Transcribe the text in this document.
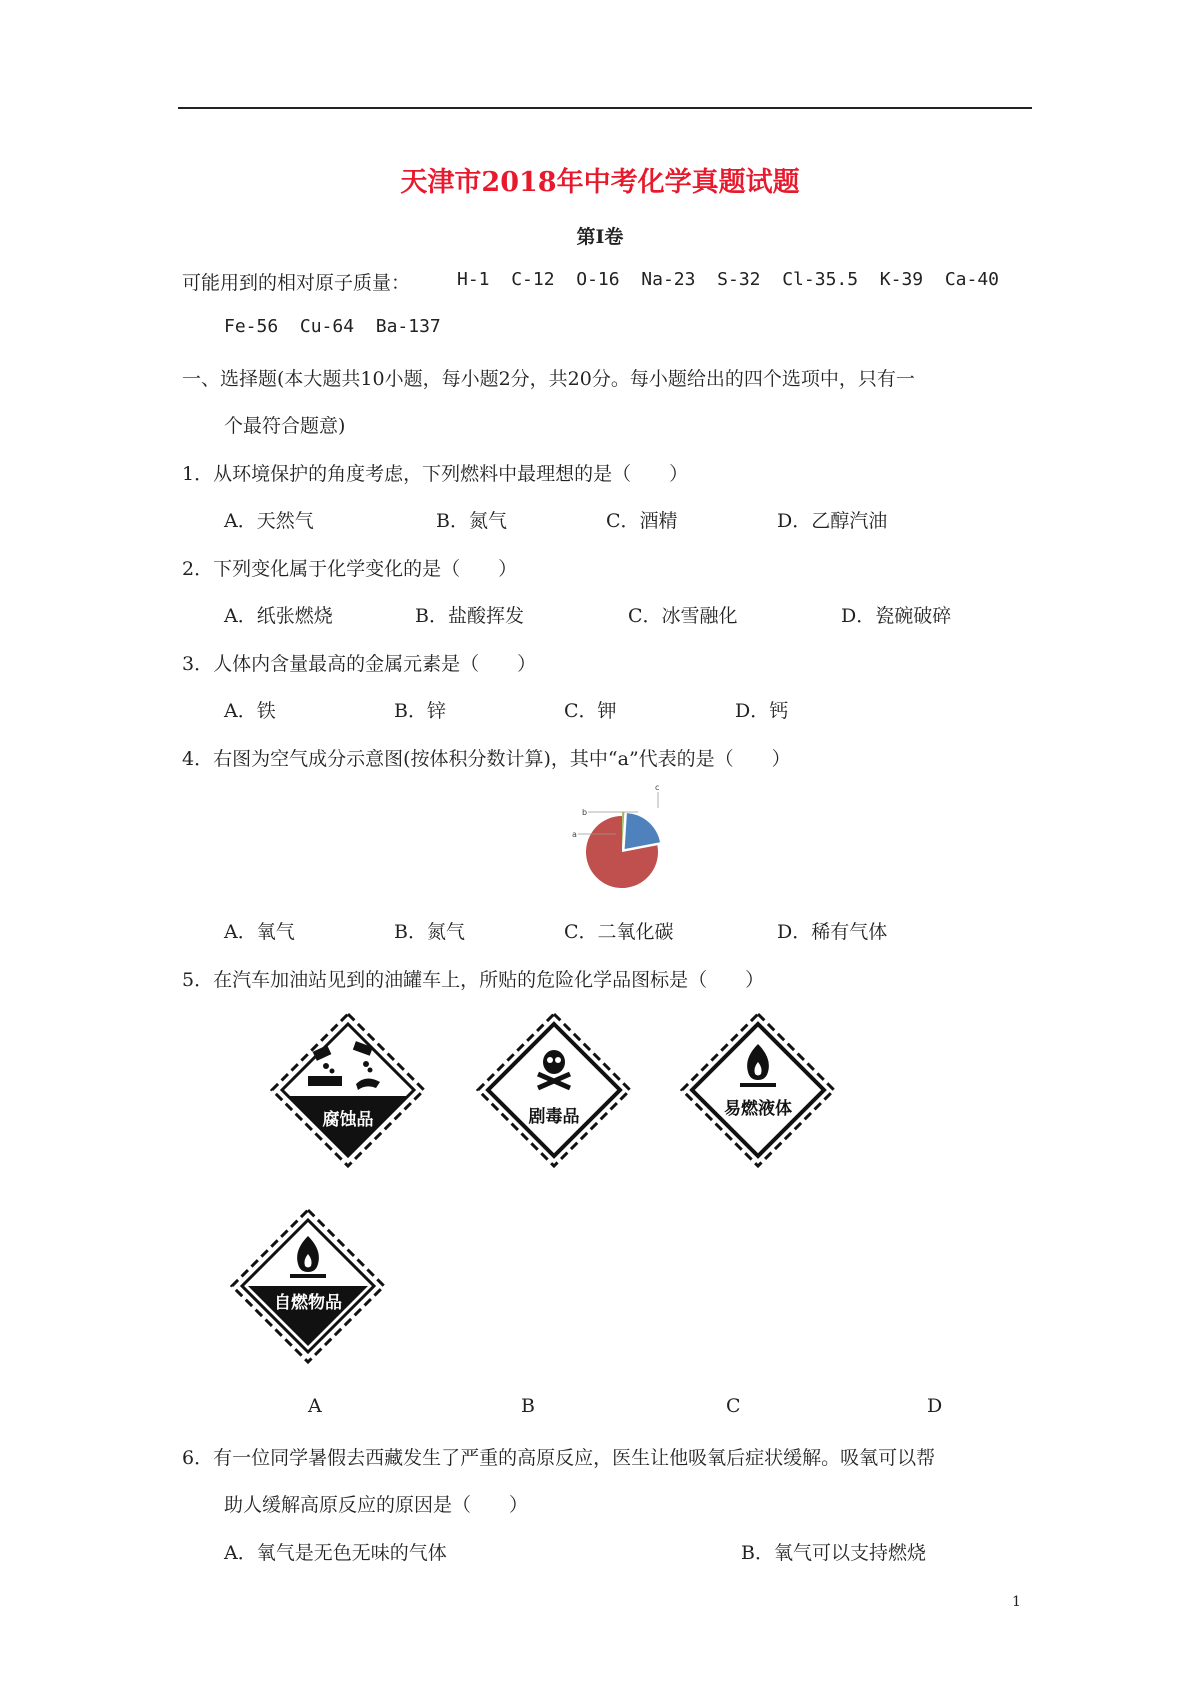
天津市2018年中考化学真题试题
第Ⅰ卷
可能用到的相对原子质量：	H-1 C-12 O-16 Na-23 S-32 Cl-35.5 K-39 Ca-40
Fe-56 Cu-64 Ba-137
一、选择题(本大题共10小题，每小题2分，共20分。每小题给出的四个选项中，只有一
个最符合题意)
1．从环境保护的角度考虑，下列燃料中最理想的是（　　）
A．天然气	B．氮气	C．酒精	D．乙醇汽油
2．下列变化属于化学变化的是（　　）
A．纸张燃烧	B．盐酸挥发	C．冰雪融化	D．瓷碗破碎
3．人体内含量最高的金属元素是（　　）
A．铁	B．锌	C．钾	D．钙
4．右图为空气成分示意图(按体积分数计算)，其中“a”代表的是（　　）
a
b
c
A．氧气	B．氮气	C．二氧化碳	D．稀有气体
5．在汽车加油站见到的油罐车上，所贴的危险化学品图标是（　　）
腐蚀品	剧毒品	易燃液体
自燃物品
A	B	C	D
6．有一位同学暑假去西藏发生了严重的高原反应，医生让他吸氧后症状缓解。吸氧可以帮
助人缓解高原反应的原因是（　　）
A．氧气是无色无味的气体	B．氧气可以支持燃烧
1
